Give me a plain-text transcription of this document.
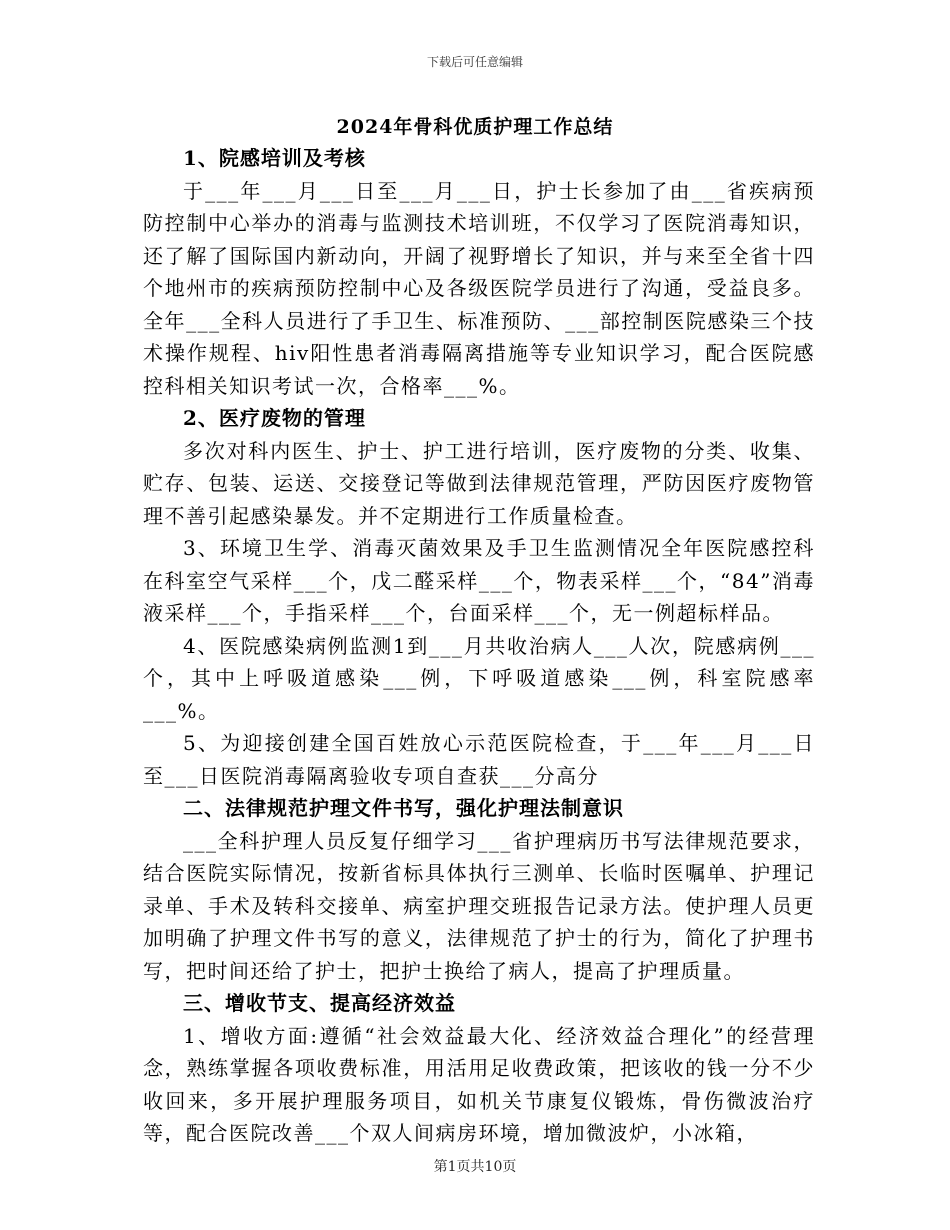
下载后可任意编辑
2024年骨科优质护理工作总结

1、院感培训及考核

于___年___月___日至___月___日，护士长参加了由___省疾病预防控制中心举办的消毒与监测技术培训班，不仅学习了医院消毒知识，还了解了国际国内新动向，开阔了视野增长了知识，并与来至全省十四个地州市的疾病预防控制中心及各级医院学员进行了沟通，受益良多。全年___全科人员进行了手卫生、标准预防、___部控制医院感染三个技术操作规程、hiv阳性患者消毒隔离措施等专业知识学习，配合医院感控科相关知识考试一次，合格率___%。

2、医疗废物的管理

多次对科内医生、护士、护工进行培训，医疗废物的分类、收集、贮存、包装、运送、交接登记等做到法律规范管理，严防因医疗废物管理不善引起感染暴发。并不定期进行工作质量检查。

3、环境卫生学、消毒灭菌效果及手卫生监测情况全年医院感控科在科室空气采样___个，戊二醛采样___个，物表采样___个，“84”消毒液采样___个，手指采样___个，台面采样___个，无一例超标样品。

4、医院感染病例监测1到___月共收治病人___人次，院感病例___个，其中上呼吸道感染___例，下呼吸道感染___例，科室院感率___%。

5、为迎接创建全国百姓放心示范医院检查，于___年___月___日至___日医院消毒隔离验收专项自查获___分高分

二、法律规范护理文件书写，强化护理法制意识

___全科护理人员反复仔细学习___省护理病历书写法律规范要求，结合医院实际情况，按新省标具体执行三测单、长临时医嘱单、护理记录单、手术及转科交接单、病室护理交班报告记录方法。使护理人员更加明确了护理文件书写的意义，法律规范了护士的行为，简化了护理书写，把时间还给了护士，把护士换给了病人，提高了护理质量。

三、增收节支、提高经济效益

1、增收方面:遵循“社会效益最大化、经济效益合理化”的经营理念，熟练掌握各项收费标准，用活用足收费政策，把该收的钱一分不少收回来，多开展护理服务项目，如机关节康复仪锻炼，骨伤微波治疗等，配合医院改善___个双人间病房环境，增加微波炉，小冰箱，

第1页共10页
